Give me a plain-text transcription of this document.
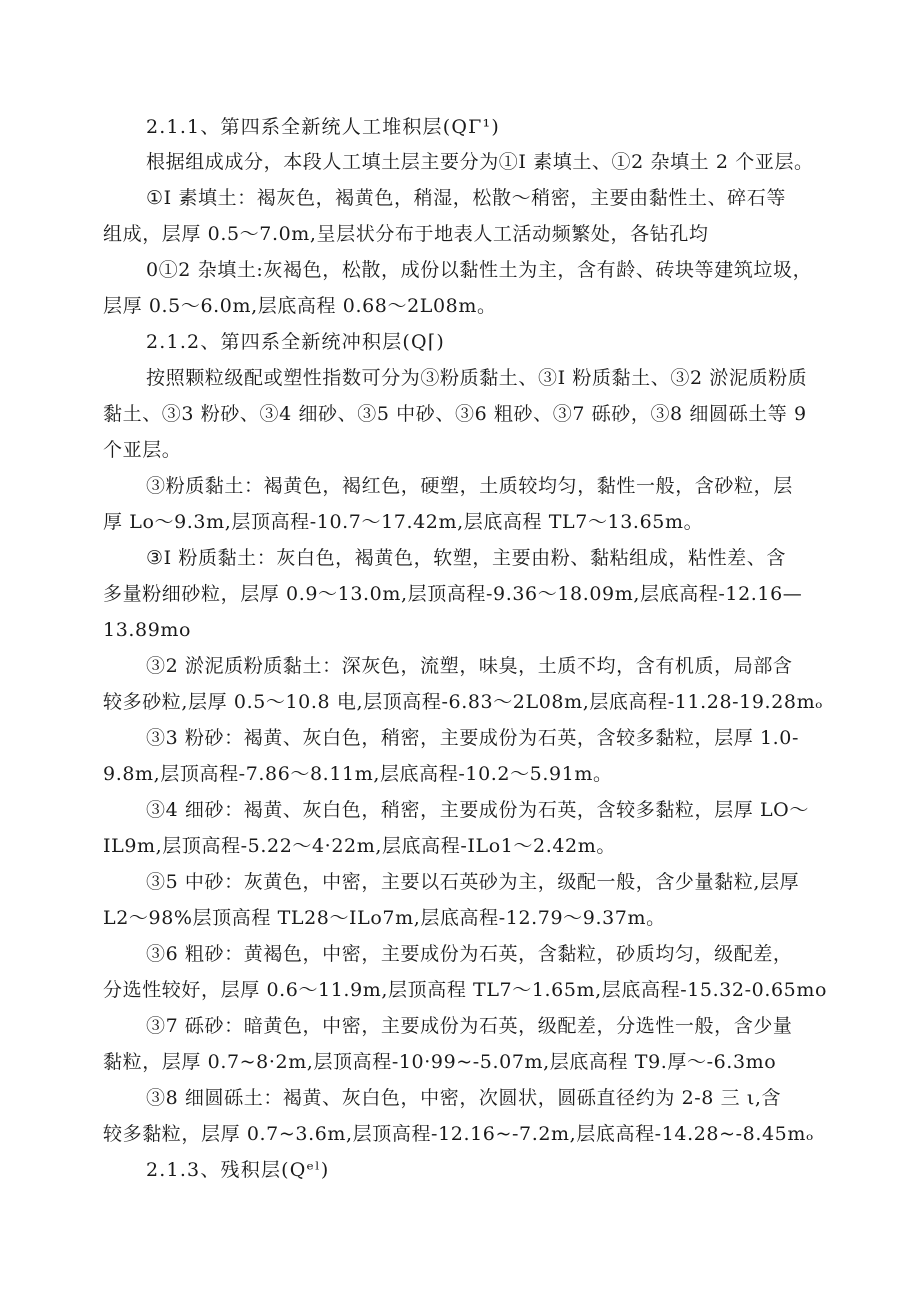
2.1.1、第四系全新统人工堆积层(QΓ¹)
根据组成成分，本段人工填土层主要分为①I 素填土、①2 杂填土 2 个亚层。
①I 素填土：褐灰色，褐黄色，稍湿，松散～稍密，主要由黏性土、碎石等
组成，层厚 0.5～7.0m,呈层状分布于地表人工活动频繁处，各钻孔均
0①2 杂填土:灰褐色，松散，成份以黏性土为主，含有龄、砖块等建筑垃圾，
层厚 0.5～6.0m,层底高程 0.68～2L08m。
2.1.2、第四系全新统冲积层(Q⌈)
按照颗粒级配或塑性指数可分为③粉质黏土、③I 粉质黏土、③2 淤泥质粉质
黏土、③3 粉砂、③4 细砂、③5 中砂、③6 粗砂、③7 砾砂，③8 细圆砾土等 9
个亚层。
③粉质黏土：褐黄色，褐红色，硬塑，土质较均匀，黏性一般，含砂粒，层
厚 Lo～9.3m,层顶高程-10.7～17.42m,层底高程 TL7～13.65m。
③I 粉质黏土：灰白色，褐黄色，软塑，主要由粉、黏粘组成，粘性差、含
多量粉细砂粒，层厚 0.9～13.0m,层顶高程-9.36～18.09m,层底高程-12.16—
13.89mo
③2 淤泥质粉质黏土：深灰色，流塑，味臭，土质不均，含有机质，局部含
较多砂粒,层厚 0.5～10.8 电,层顶高程-6.83～2L08m,层底高程-11.28-19.28mₒ
③3 粉砂：褐黄、灰白色，稍密，主要成份为石英，含较多黏粒，层厚 1.0-
9.8m,层顶高程-7.86～8.11m,层底高程-10.2～5.91m。
③4 细砂：褐黄、灰白色，稍密，主要成份为石英，含较多黏粒，层厚 LO～
IL9m,层顶高程-5.22～4·22m,层底高程-ILo1～2.42m。
③5 中砂：灰黄色，中密，主要以石英砂为主，级配一般，含少量黏粒,层厚
L2～98%层顶高程 TL28～ILo7m,层底高程-12.79～9.37m。
③6 粗砂：黄褐色，中密，主要成份为石英，含黏粒，砂质均匀，级配差，
分选性较好，层厚 0.6～11.9m,层顶高程 TL7～1.65m,层底高程-15.32-0.65mo
③7 砾砂：暗黄色，中密，主要成份为石英，级配差，分选性一般，含少量
黏粒，层厚 0.7~8·2m,层顶高程-10·99~-5.07m,层底高程 T9.厚～-6.3mo
③8 细圆砾土：褐黄、灰白色，中密，次圆状，圆砾直径约为 2-8 三 ι,含
较多黏粒，层厚 0.7~3.6m,层顶高程-12.16~-7.2m,层底高程-14.28~-8.45mₒ
2.1.3、残积层(Qᵉˡ)
